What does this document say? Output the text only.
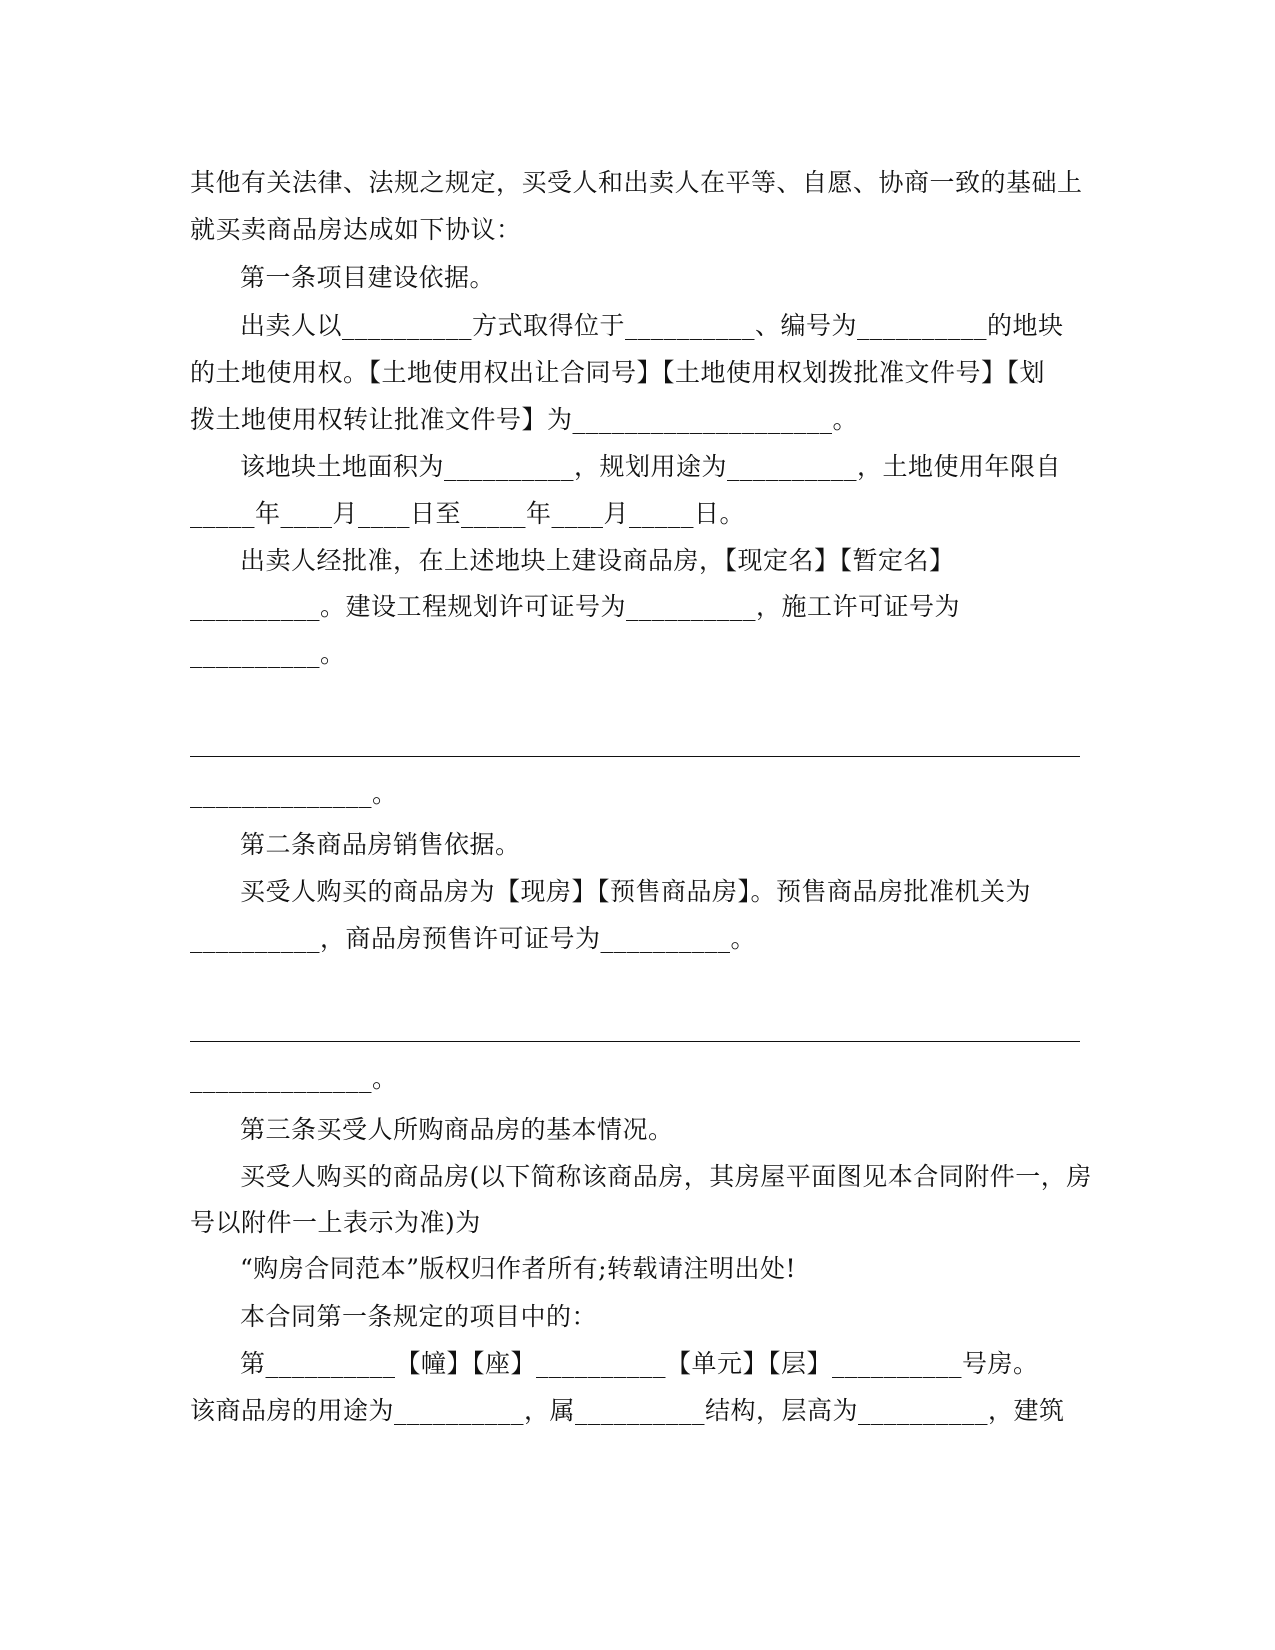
其他有关法律、法规之规定，买受人和出卖人在平等、自愿、协商一致的基础上
就买卖商品房达成如下协议：
第一条项目建设依据。
出卖人以__________方式取得位于__________、编号为__________的地块
的土地使用权。【土地使用权出让合同号】【土地使用权划拨批准文件号】【划
拨土地使用权转让批准文件号】为____________________。
该地块土地面积为__________，规划用途为__________，土地使用年限自
_____年____月____日至_____年____月_____日。
出卖人经批准，在上述地块上建设商品房，【现定名】【暂定名】
__________。建设工程规划许可证号为__________，施工许可证号为
__________。
______________。
第二条商品房销售依据。
买受人购买的商品房为【现房】【预售商品房】。预售商品房批准机关为
__________，商品房预售许可证号为__________。
______________。
第三条买受人所购商品房的基本情况。
买受人购买的商品房(以下简称该商品房，其房屋平面图见本合同附件一，房
号以附件一上表示为准)为
“购房合同范本”版权归作者所有;转载请注明出处!
本合同第一条规定的项目中的：
第__________【幢】【座】__________【单元】【层】__________号房。
该商品房的用途为__________，属__________结构，层高为__________，建筑
